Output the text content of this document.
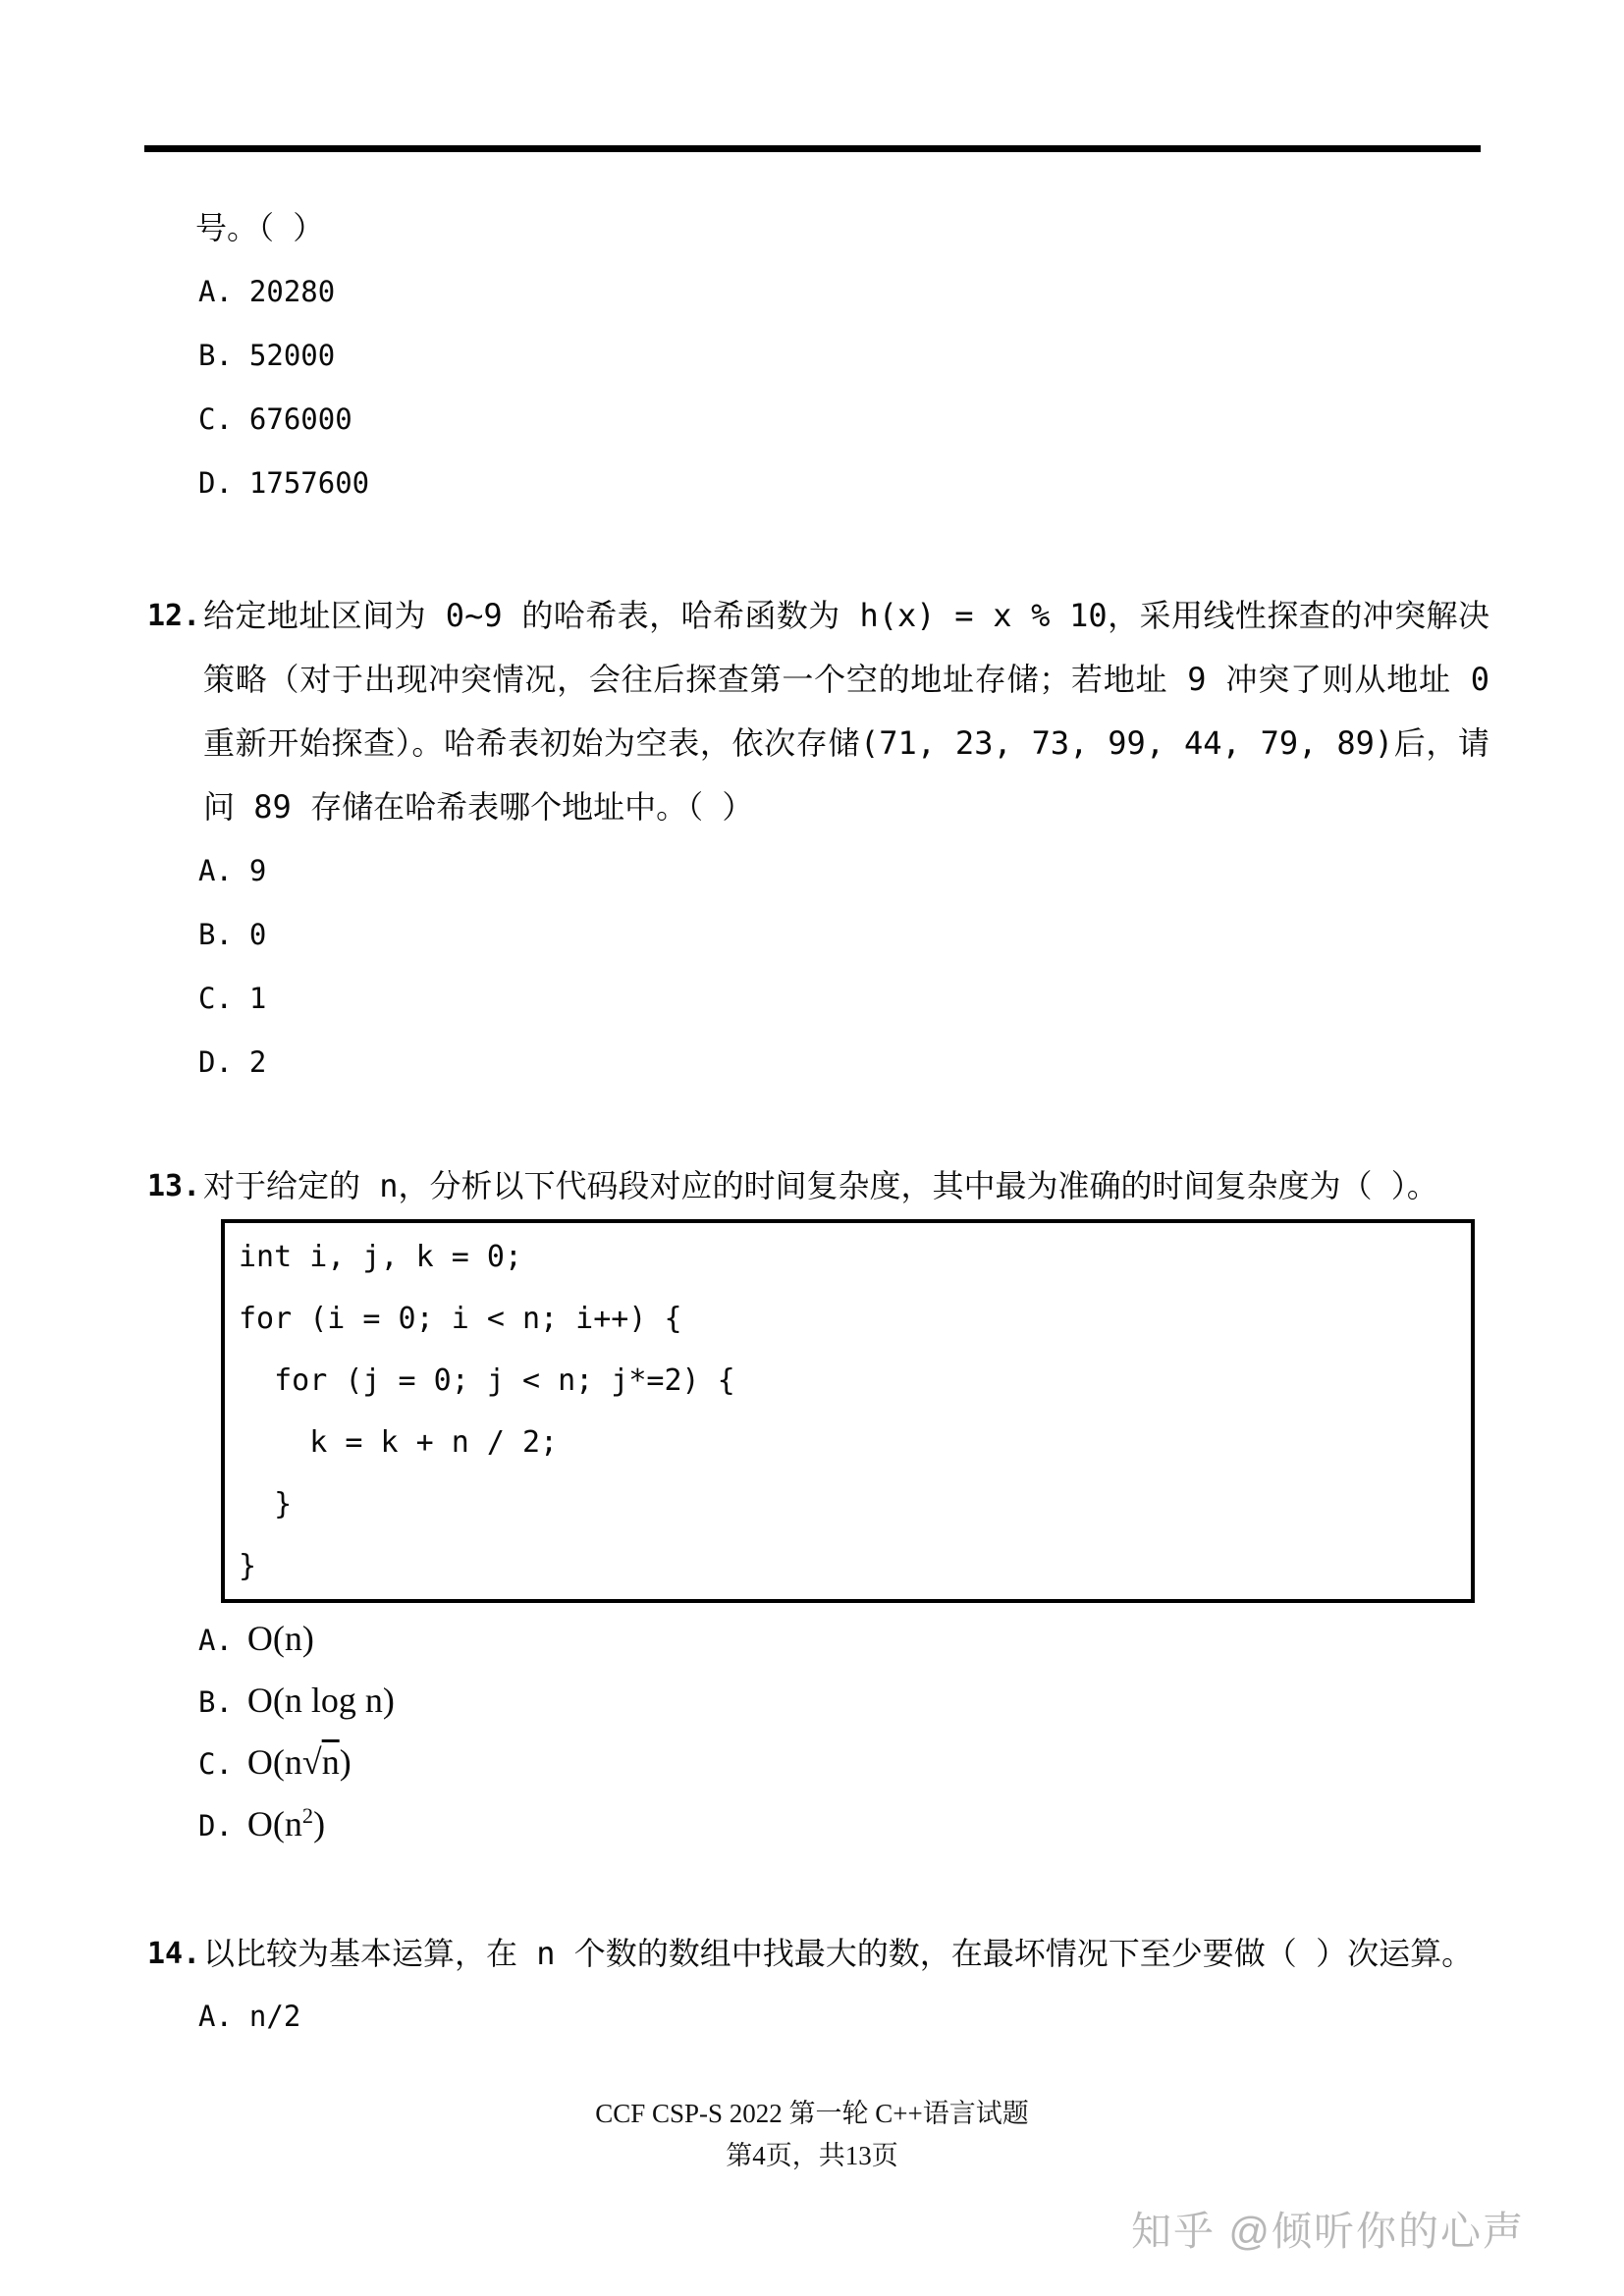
号。（ ）
A. 20280
B. 52000
C. 676000
D. 1757600
12. 给定地址区间为 0~9 的哈希表，哈希函数为 h(x) = x % 10，采用线性探查的冲突解决
策略（对于出现冲突情况，会往后探查第一个空的地址存储；若地址 9 冲突了则从地址 0
重新开始探查）。哈希表初始为空表，依次存储(71, 23, 73, 99, 44, 79, 89)后，请
问 89 存储在哈希表哪个地址中。（ ）
A. 9
B. 0
C. 1
D. 2
13. 对于给定的 n，分析以下代码段对应的时间复杂度，其中最为准确的时间复杂度为（ ）。
int i, j, k = 0;
for (i = 0; i < n; i++) {
for (j = 0; j < n; j*=2) {
k = k + n / 2;
}
}
A. O(n)
B. O(n log n)
C. O(n√n)
D. $O(n^2)$
14. 以比较为基本运算，在 n 个数的数组中找最大的数，在最坏情况下至少要做（ ）次运算。
A. n/2
CCF CSP-S 2022 第一轮 C++语言试题
第4页，共13页
知乎 @倾听你的心声
